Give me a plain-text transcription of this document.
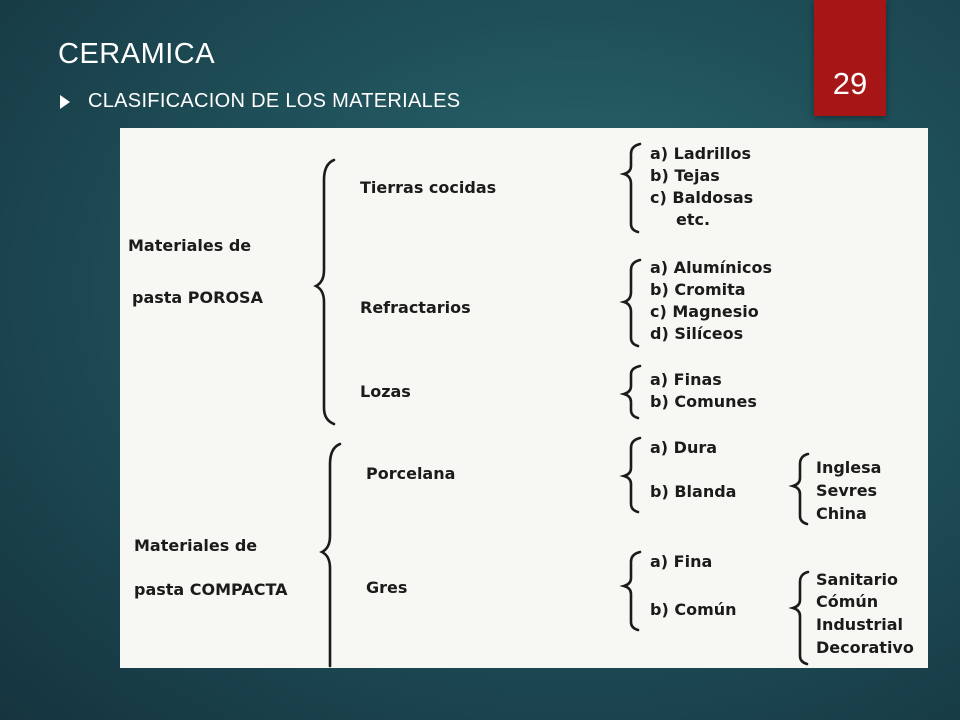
CERAMICA
CLASIFICACION DE LOS MATERIALES	29
Materiales de
pasta POROSA
Materiales de
pasta COMPACTA
Tierras cocidas
Refractarios
Lozas
Porcelana
Gres
a) Ladrillos
b) Tejas
c) Baldosas
etc.
a) Alumínicos
b) Cromita
c) Magnesio
d) Silíceos
a) Finas
b) Comunes
a) Dura
b) Blanda
Inglesa
Sevres
China
a) Fina
b) Común
Sanitario
Cómún
Industrial
Decorativo
